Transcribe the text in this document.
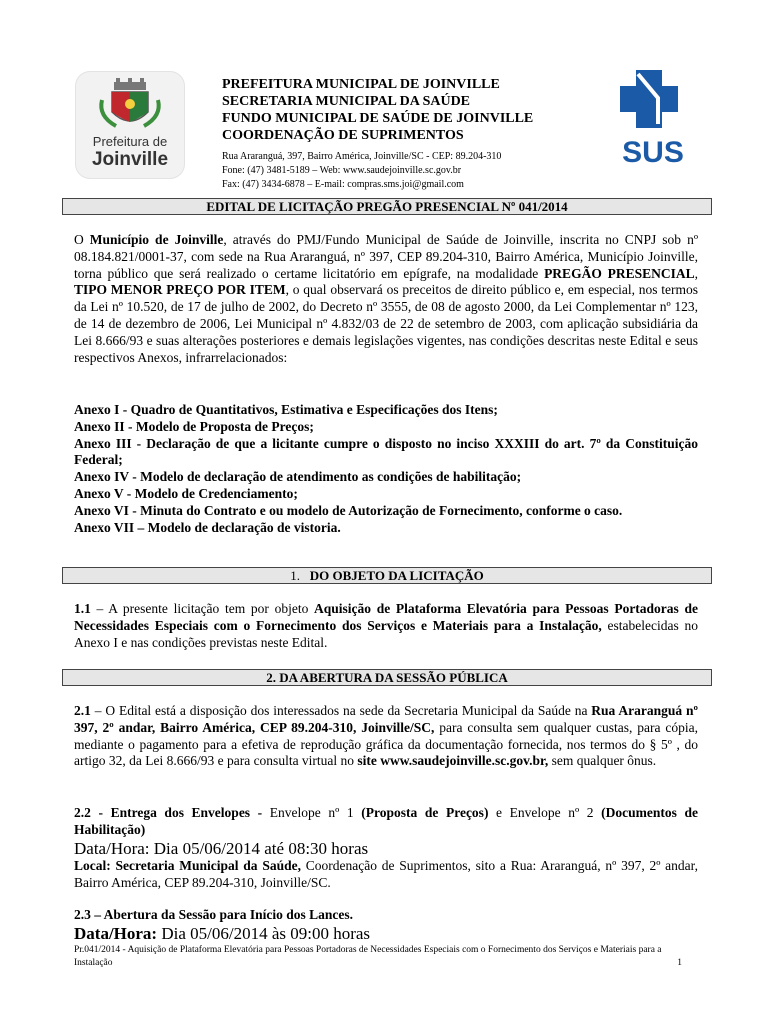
Prefeitura de
Joinville
PREFEITURA MUNICIPAL DE JOINVILLE
SECRETARIA MUNICIPAL DA SAÚDE
FUNDO MUNICIPAL DE SAÚDE DE JOINVILLE
COORDENAÇÃO DE SUPRIMENTOS
Rua Araranguá, 397, Bairro América, Joinville/SC - CEP: 89.204-310
Fone: (47) 3481-5189 – Web: www.saudejoinville.sc.gov.br
Fax: (47) 3434-6878 – E-mail: compras.sms.joi@gmail.com
SUS
EDITAL DE LICITAÇÃO PREGÃO PRESENCIAL Nº 041/2014
O Município de Joinville, através do PMJ/Fundo Municipal de Saúde de Joinville, inscrita no CNPJ sob nº 08.184.821/0001-37, com sede na Rua Araranguá, nº 397, CEP 89.204-310, Bairro América, Município Joinville, torna público que será realizado o certame licitatório em epígrafe, na modalidade PREGÃO PRESENCIAL, TIPO MENOR PREÇO POR ITEM, o qual observará os preceitos de direito público e, em especial, nos termos da Lei nº 10.520, de 17 de julho de 2002, do Decreto nº 3555, de 08 de agosto 2000, da Lei Complementar nº 123, de 14 de dezembro de 2006, Lei Municipal nº 4.832/03 de 22 de setembro de 2003, com aplicação subsidiária da Lei 8.666/93 e suas alterações posteriores e demais legislações vigentes, nas condições descritas neste Edital e seus respectivos Anexos, infrarrelacionados:
Anexo I - Quadro de Quantitativos, Estimativa e Especificações dos Itens;
Anexo II - Modelo de Proposta de Preços;
Anexo III - Declaração de que a licitante cumpre o disposto no inciso XXXIII do art. 7º da Constituição Federal;
Anexo IV - Modelo de declaração de atendimento as condições de habilitação;
Anexo V - Modelo de Credenciamento;
Anexo VI - Minuta do Contrato e ou modelo de Autorização de Fornecimento, conforme o caso.
Anexo VII – Modelo de declaração de vistoria.
1. DO OBJETO DA LICITAÇÃO
1.1 – A presente licitação tem por objeto Aquisição de Plataforma Elevatória para Pessoas Portadoras de Necessidades Especiais com o Fornecimento dos Serviços e Materiais para a Instalação, estabelecidas no Anexo I e nas condições previstas neste Edital.
2. DA ABERTURA DA SESSÃO PÚBLICA
2.1 – O Edital está a disposição dos interessados na sede da Secretaria Municipal da Saúde na Rua Araranguá nº 397, 2º andar, Bairro América, CEP 89.204-310, Joinville/SC, para consulta sem qualquer custas, para cópia, mediante o pagamento para a efetiva de reprodução gráfica da documentação fornecida, nos termos do § 5º , do artigo 32, da Lei 8.666/93 e para consulta virtual no site www.saudejoinville.sc.gov.br, sem qualquer ônus.
2.2 - Entrega dos Envelopes - Envelope nº 1 (Proposta de Preços) e Envelope nº 2 (Documentos de Habilitação)
Data/Hora: Dia 05/06/2014 até 08:30 horas
Local: Secretaria Municipal da Saúde, Coordenação de Suprimentos, sito a Rua: Araranguá, nº 397, 2º andar, Bairro América, CEP 89.204-310, Joinville/SC.
2.3 – Abertura da Sessão para Início dos Lances.
Data/Hora: Dia 05/06/2014 às 09:00 horas
Pr.041/2014 - Aquisição de Plataforma Elevatória para Pessoas Portadoras de Necessidades Especiais com o Fornecimento dos Serviços e Materiais para a Instalação	1
